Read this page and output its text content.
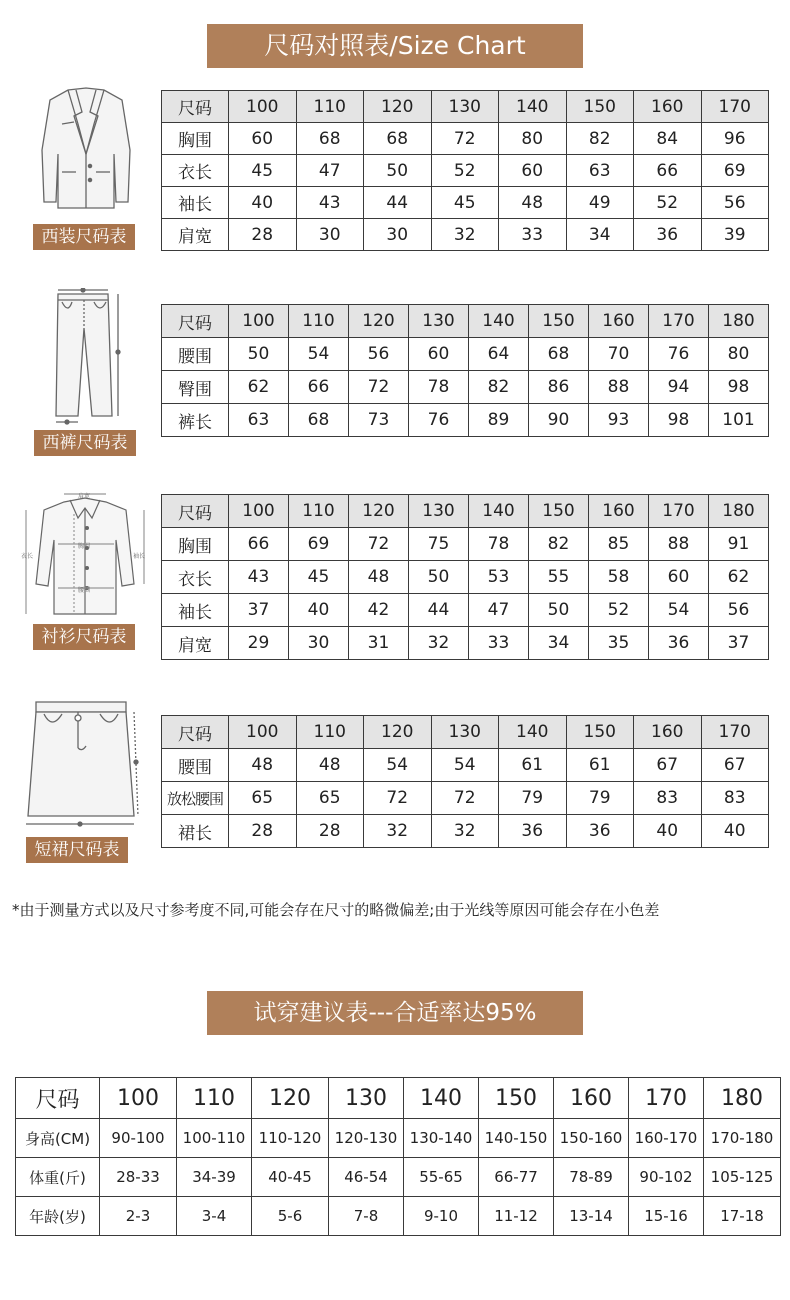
尺码对照表/Size Chart
西装尺码表
尺码	100	110	120	130	140	150	160	170
胸围	60	68	68	72	80	82	84	96
衣长	45	47	50	52	60	63	66	69
袖长	40	43	44	45	48	49	52	56
肩宽	28	30	30	32	33	34	36	39
西裤尺码表
尺码	100	110	120	130	140	150	160	170	180
腰围	50	54	56	60	64	68	70	76	80
臀围	62	66	72	78	82	86	88	94	98
裤长	63	68	73	76	89	90	93	98	101
肩宽
胸围
衣长	袖长
腰围
衬衫尺码表
尺码	100	110	120	130	140	150	160	170	180
胸围	66	69	72	75	78	82	85	88	91
衣长	43	45	48	50	53	55	58	60	62
袖长	37	40	42	44	47	50	52	54	56
肩宽	29	30	31	32	33	34	35	36	37
短裙尺码表
尺码	100	110	120	130	140	150	160	170
腰围	48	48	54	54	61	61	67	67
放松腰围	65	65	72	72	79	79	83	83
裙长	28	28	32	32	36	36	40	40
*由于测量方式以及尺寸参考度不同,可能会存在尺寸的略微偏差;由于光线等原因可能会存在小色差
试穿建议表---合适率达95%
尺码	100	110	120	130	140	150	160	170	180
身高(CM)	90-100	100-110	110-120	120-130	130-140	140-150	150-160	160-170	170-180
体重(斤)	28-33	34-39	40-45	46-54	55-65	66-77	78-89	90-102	105-125
年龄(岁)	2-3	3-4	5-6	7-8	9-10	11-12	13-14	15-16	17-18
